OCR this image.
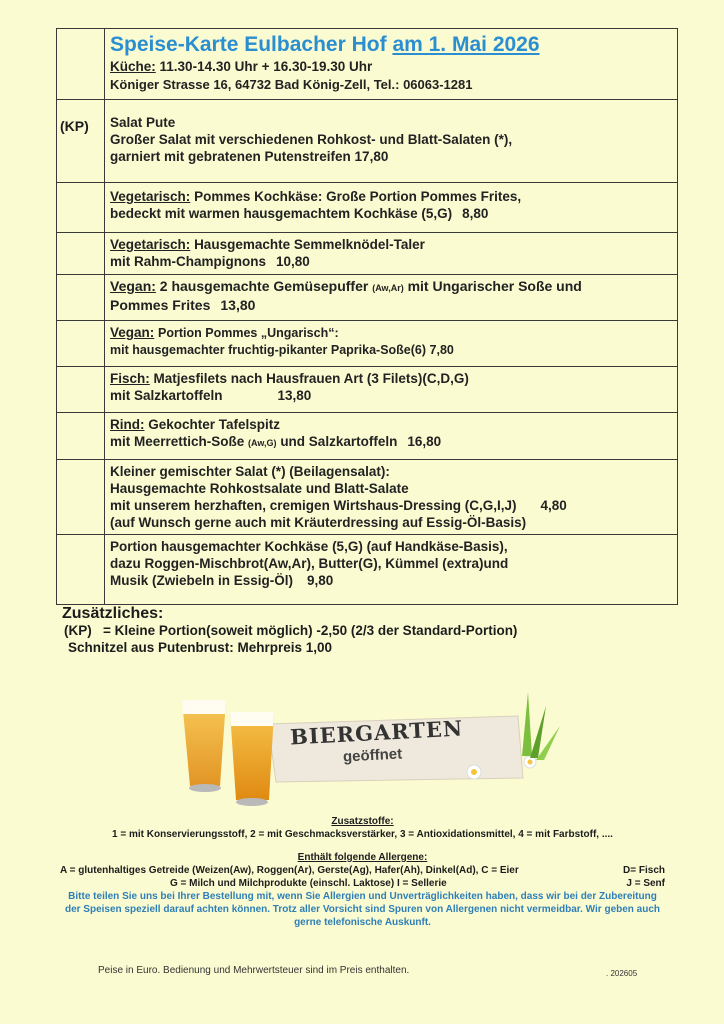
	Speise-Karte Eulbacher Hof am 1. Mai 2026
Küche: 11.30-14.30 Uhr + 16.30-19.30 Uhr
Königer Strasse 16, 64732 Bad König-Zell, Tel.: 06063-1281

(KP)	Salat Pute
Großer Salat mit verschiedenen Rohkost- und Blatt-Salaten (*),
garniert mit gebratenen Putenstreifen 17,80

	Vegetarisch: Pommes Kochkäse: Große Portion Pommes Frites,
bedeckt mit warmen hausgemachtem Kochkäse (5,G) 8,80

	Vegetarisch: Hausgemachte Semmelknödel-Taler
mit Rahm-Champignons 10,80

	Vegan: 2 hausgemachte Gemüsepuffer (Aw,Ar) mit Ungarischer Soße und
Pommes Frites 13,80

	Vegan: Portion Pommes „Ungarisch“:
mit hausgemachter fruchtig-pikanter Paprika-Soße(6) 7,80

	Fisch: Matjesfilets nach Hausfrauen Art (3 Filets)(C,D,G)
mit Salzkartoffeln 13,80

	Rind: Gekochter Tafelspitz
mit Meerrettich-Soße (Aw,G) und Salzkartoffeln 16,80

	Kleiner gemischter Salat (*) (Beilagensalat):
Hausgemachte Rohkostsalate und Blatt-Salate
mit unserem herzhaften, cremigen Wirtshaus-Dressing (C,G,I,J) 4,80
(auf Wunsch gerne auch mit Kräuterdressing auf Essig-Öl-Basis)

	Portion hausgemachter Kochkäse (5,G) (auf Handkäse-Basis),
dazu Roggen-Mischbrot(Aw,Ar), Butter(G), Kümmel (extra)und
Musik (Zwiebeln in Essig-Öl) 9,80
Zusätzliches:
(KP)   = Kleine Portion(soweit möglich) -2,50 (2/3 der Standard-Portion)
Schnitzel aus Putenbrust: Mehrpreis 1,00
BIERGARTEN
geöffnet
Zusatzstoffe:
1 = mit Konservierungsstoff, 2 = mit Geschmacksverstärker, 3 = Antioxidationsmittel, 4 = mit Farbstoff, ....
Enthält folgende Allergene:
A = glutenhaltiges Getreide (Weizen(Aw), Roggen(Ar), Gerste(Ag), Hafer(Ah), Dinkel(Ad), C = Eier	D= Fisch
G = Milch und Milchprodukte (einschl. Laktose) I = Sellerie	J = Senf
Bitte teilen Sie uns bei Ihrer Bestellung mit, wenn Sie Allergien und Unverträglichkeiten haben, dass wir bei der Zubereitung der Speisen speziell darauf achten können. Trotz aller Vorsicht sind Spuren von Allergenen nicht vermeidbar. Wir geben auch gerne telefonische Auskunft.
Peise in Euro. Bedienung und Mehrwertsteuer sind im Preis enthalten.	. 202605
